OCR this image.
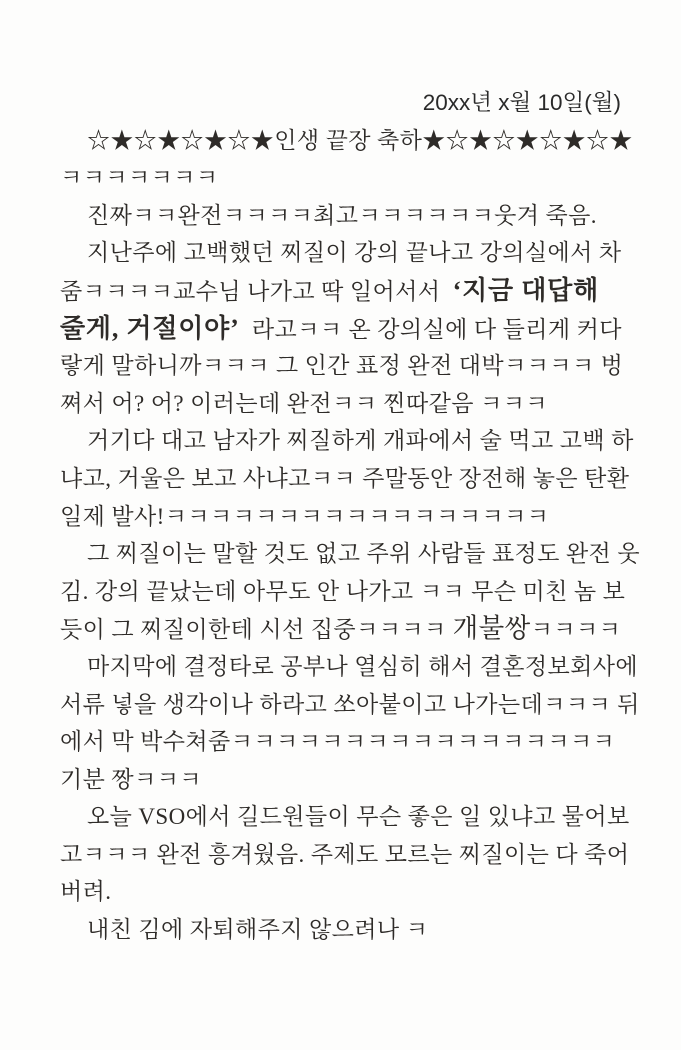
20xx년 x월 10일(월)
☆★☆★☆★☆★인생 끝장 축하★☆★☆★☆★☆★
ㅋㅋㅋㅋㅋㅋㅋ
진짜ㅋㅋ완전ㅋㅋㅋㅋ최고ㅋㅋㅋㅋㅋㅋ웃겨 죽음.
지난주에 고백했던 찌질이 강의 끝나고 강의실에서 차
줌ㅋㅋㅋㅋ교수님 나가고 딱 일어서서  ‘지금 대답해
줄게, 거절이야’  라고ㅋㅋ 온 강의실에 다 들리게 커다
랗게 말하니까ㅋㅋㅋ 그 인간 표정 완전 대박ㅋㅋㅋㅋ 벙
쪄서 어? 어? 이러는데 완전ㅋㅋ 찐따같음 ㅋㅋㅋ
거기다 대고 남자가 찌질하게 개파에서 술 먹고 고백 하
냐고, 거울은 보고 사냐고ㅋㅋ 주말동안 장전해 놓은 탄환
일제 발사!ㅋㅋㅋㅋㅋㅋㅋㅋㅋㅋㅋㅋㅋㅋㅋㅋㅋ
그 찌질이는 말할 것도 없고 주위 사람들 표정도 완전 웃
김. 강의 끝났는데 아무도 안 나가고 ㅋㅋ 무슨 미친 놈 보
듯이 그 찌질이한테 시선 집중ㅋㅋㅋㅋ 개불쌍ㅋㅋㅋㅋ
마지막에 결정타로 공부나 열심히 해서 결혼정보회사에
서류 넣을 생각이나 하라고 쏘아붙이고 나가는데ㅋㅋㅋ 뒤
에서 막 박수쳐줌ㅋㅋㅋㅋㅋㅋㅋㅋㅋㅋㅋㅋㅋㅋㅋㅋㅋ
기분 짱ㅋㅋㅋ
오늘 VSO에서 길드원들이 무슨 좋은 일 있냐고 물어보
고ㅋㅋㅋ 완전 흥겨웠음. 주제도 모르는 찌질이는 다 죽어
버려.
내친 김에 자퇴해주지 않으려나 ㅋ
